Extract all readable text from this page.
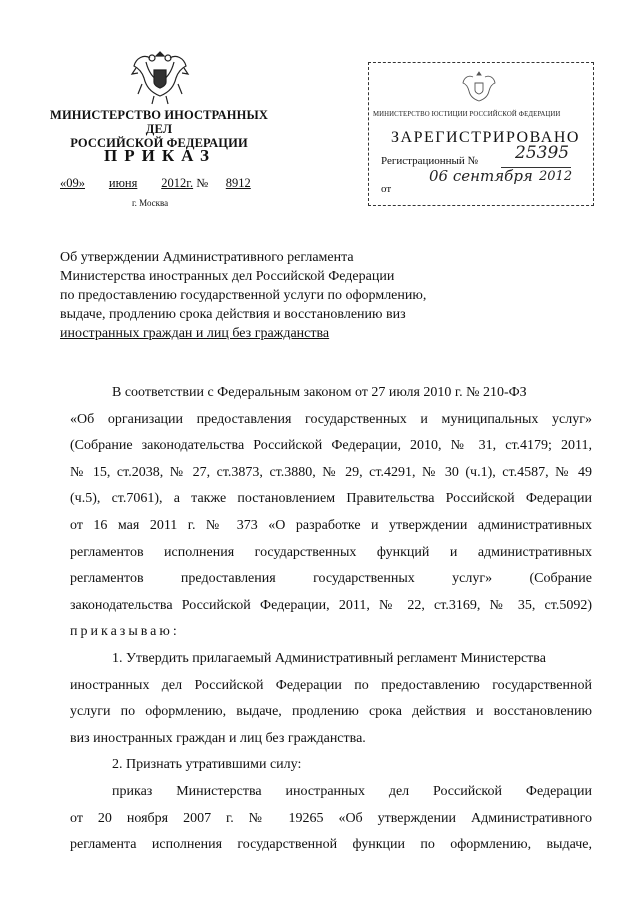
МИНИСТЕРСТВО ИНОСТРАННЫХ ДЕЛ
РОССИЙСКОЙ ФЕДЕРАЦИИ
ПРИКАЗ
«09» июня 2012г. № 8912
г. Москва
МИНИСТЕРСТВО ЮСТИЦИИ РОССИЙСКОЙ ФЕДЕРАЦИИ
ЗАРЕГИСТРИРОВАНО
Регистрационный № 25395
от
06 сентября 2012
Об утверждении Административного регламента
Министерства иностранных дел Российской Федерации
по предоставлению государственной услуги по оформлению,
выдаче, продлению срока действия и восстановлению виз
иностранных граждан и лиц без гражданства
В соответствии с Федеральным законом от 27 июля 2010 г. № 210-ФЗ
«Об организации предоставления государственных и муниципальных услуг»
(Собрание законодательства Российской Федерации, 2010, № 31, ст.4179; 2011,
№ 15, ст.2038, № 27, ст.3873, ст.3880, № 29, ст.4291, № 30 (ч.1), ст.4587, № 49
(ч.5), ст.7061), а также постановлением Правительства Российской Федерации
от 16 мая 2011 г. № 373 «О разработке и утверждении административных
регламентов исполнения государственных функций и административных
регламентов предоставления государственных услуг» (Собрание
законодательства Российской Федерации, 2011, № 22, ст.3169, № 35, ст.5092)
приказываю:
1. Утвердить прилагаемый Административный регламент Министерства
иностранных дел Российской Федерации по предоставлению государственной
услуги по оформлению, выдаче, продлению срока действия и восстановлению
виз иностранных граждан и лиц без гражданства.
2. Признать утратившими силу:
приказ Министерства иностранных дел Российской Федерации
от 20 ноября 2007 г. № 19265 «Об утверждении Административного
регламента исполнения государственной функции по оформлению, выдаче,
